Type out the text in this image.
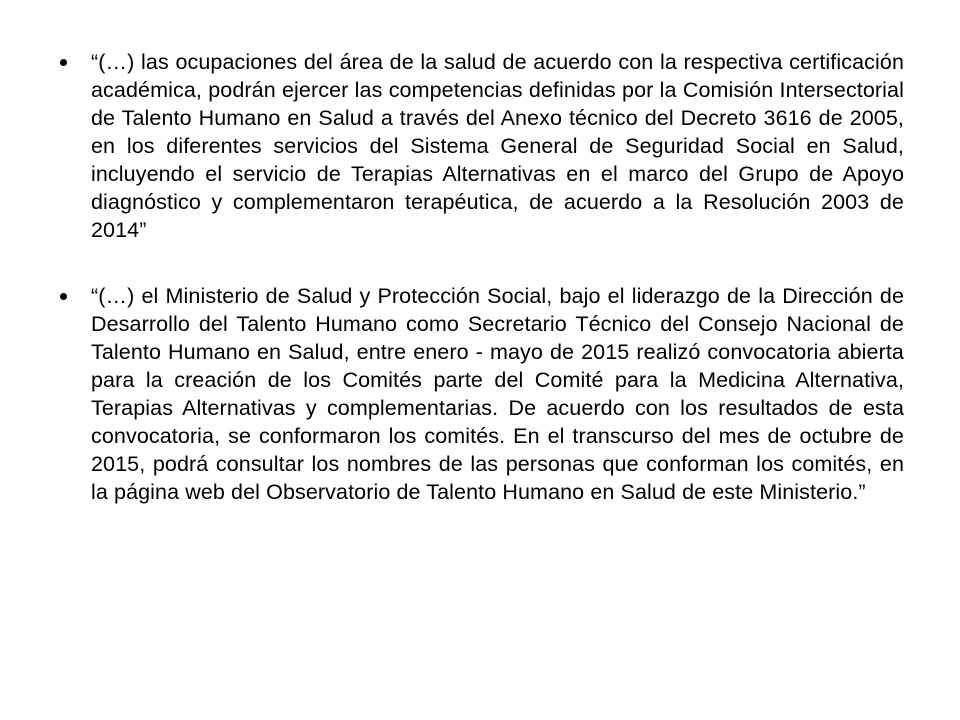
“(…) las ocupaciones del área de la salud de acuerdo con la respectiva certificación académica, podrán ejercer las competencias definidas por la Comisión Intersectorial de Talento Humano en Salud a través del Anexo técnico del Decreto 3616 de 2005, en los diferentes servicios del Sistema General de Seguridad Social en Salud, incluyendo el servicio de Terapias Alternativas en el marco del Grupo de Apoyo diagnóstico y complementaron terapéutica, de acuerdo a la Resolución 2003 de 2014”
“(…) el Ministerio de Salud y Protección Social, bajo el liderazgo de la Dirección de Desarrollo del Talento Humano como Secretario Técnico del Consejo Nacional de Talento Humano en Salud, entre enero - mayo de 2015 realizó convocatoria abierta para la creación de los Comités parte del Comité para la Medicina Alternativa, Terapias Alternativas y complementarias. De acuerdo con los resultados de esta convocatoria, se conformaron los comités. En el transcurso del mes de octubre de 2015, podrá consultar los nombres de las personas que conforman los comités, en la página web del Observatorio de Talento Humano en Salud de este Ministerio.”
